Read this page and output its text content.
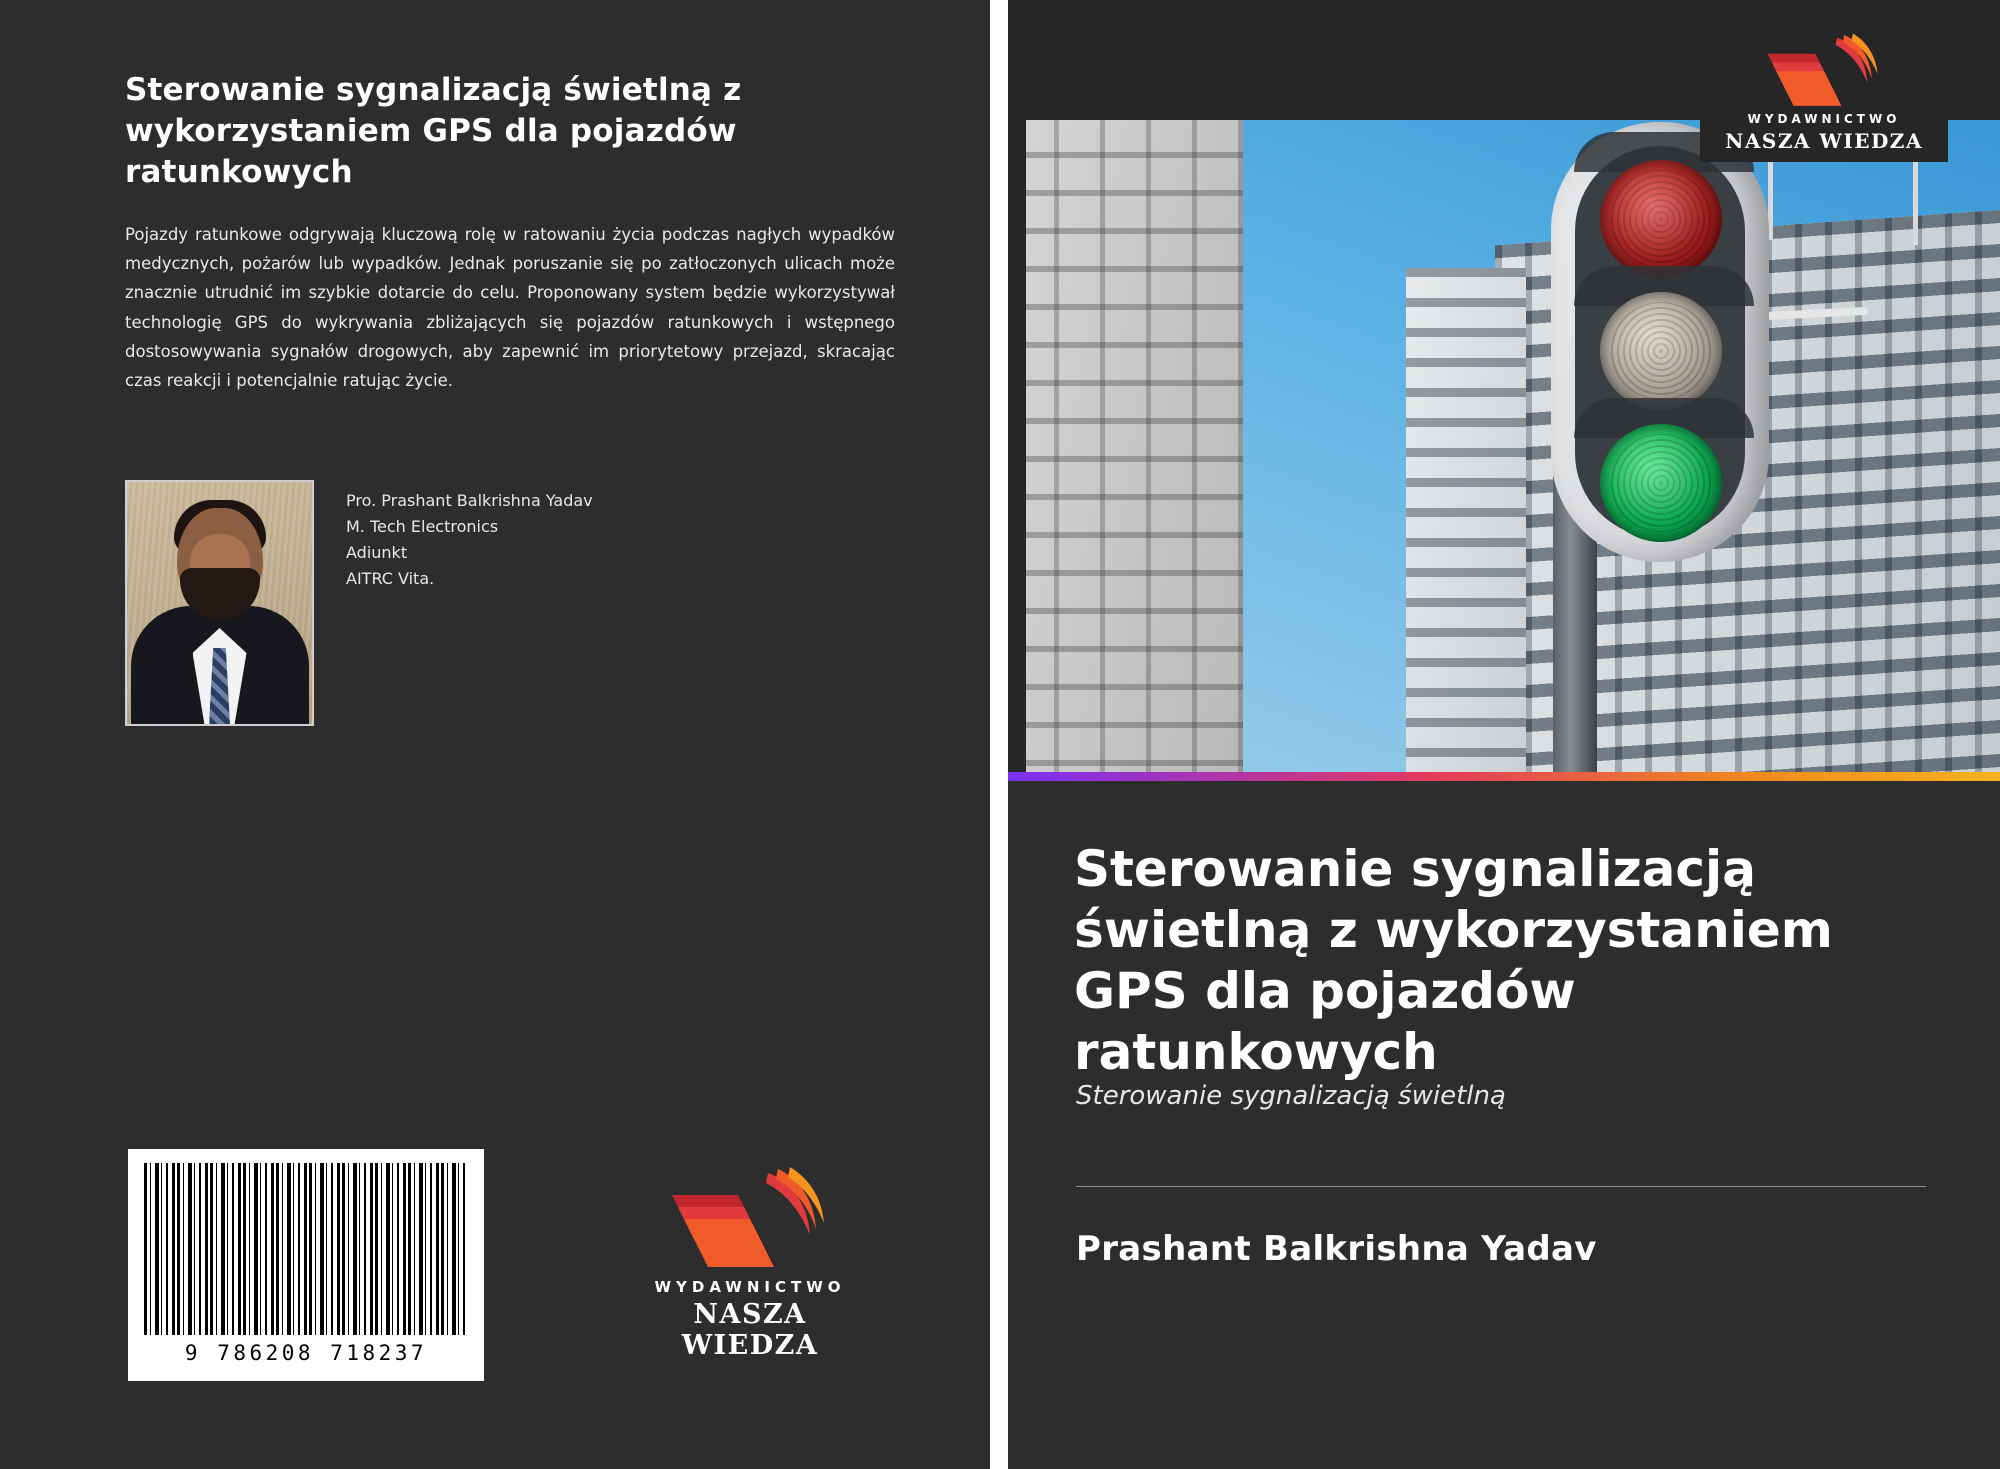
Sterowanie sygnalizacją świetlną z wykorzystaniem GPS dla pojazdów ratunkowych

Pojazdy ratunkowe odgrywają kluczową rolę w ratowaniu życia podczas nagłych wypadków medycznych, pożarów lub wypadków. Jednak poruszanie się po zatłoczonych ulicach może znacznie utrudnić im szybkie dotarcie do celu. Proponowany system będzie wykorzystywał technologię GPS do wykrywania zbliżających się pojazdów ratunkowych i wstępnego dostosowywania sygnałów drogowych, aby zapewnić im priorytetowy przejazd, skracając czas reakcji i potencjalnie ratując życie.

Pro. Prashant Balkrishna Yadav
M. Tech Electronics
Adiunkt
AITRC Vita.
9 786208 718237
WYDAWNICTWO
NASZA WIEDZA
WYDAWNICTWO
NASZA WIEDZA
Sterowanie sygnalizacją świetlną z wykorzystaniem GPS dla pojazdów ratunkowych
Sterowanie sygnalizacją świetlną
Prashant Balkrishna Yadav
